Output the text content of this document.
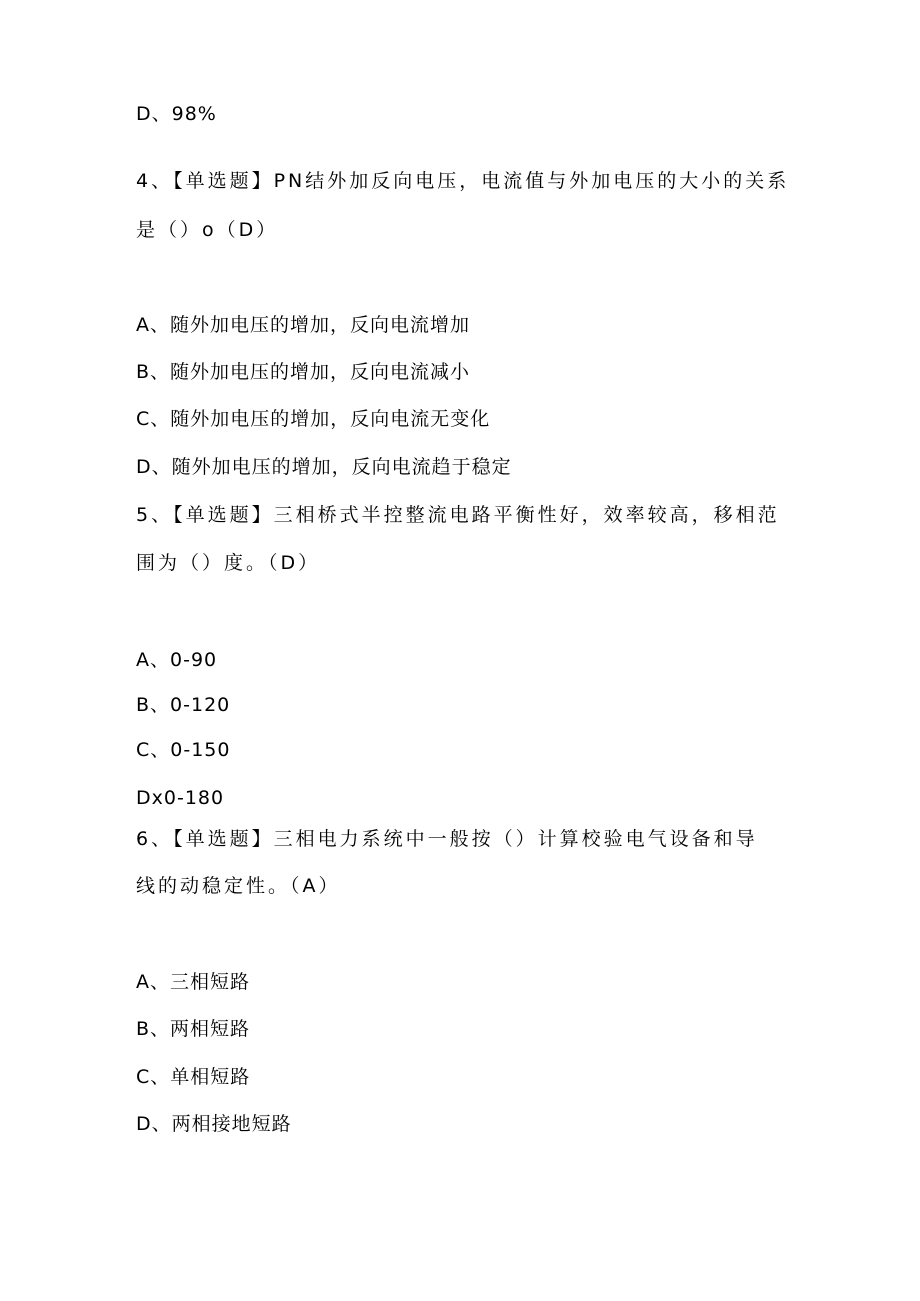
D、98%
4、【单选题】PN结外加反向电压，电流值与外加电压的大小的关系
是（）o（D）
A、随外加电压的增加，反向电流增加
B、随外加电压的增加，反向电流减小
C、随外加电压的增加，反向电流无变化
D、随外加电压的增加，反向电流趋于稳定
5、【单选题】三相桥式半控整流电路平衡性好，效率较高，移相范
围为（）度。（D）
A、0-90
B、0-120
C、0-150
Dx0-180
6、【单选题】三相电力系统中一般按（）计算校验电气设备和导
线的动稳定性。（A）
A、三相短路
B、两相短路
C、单相短路
D、两相接地短路
